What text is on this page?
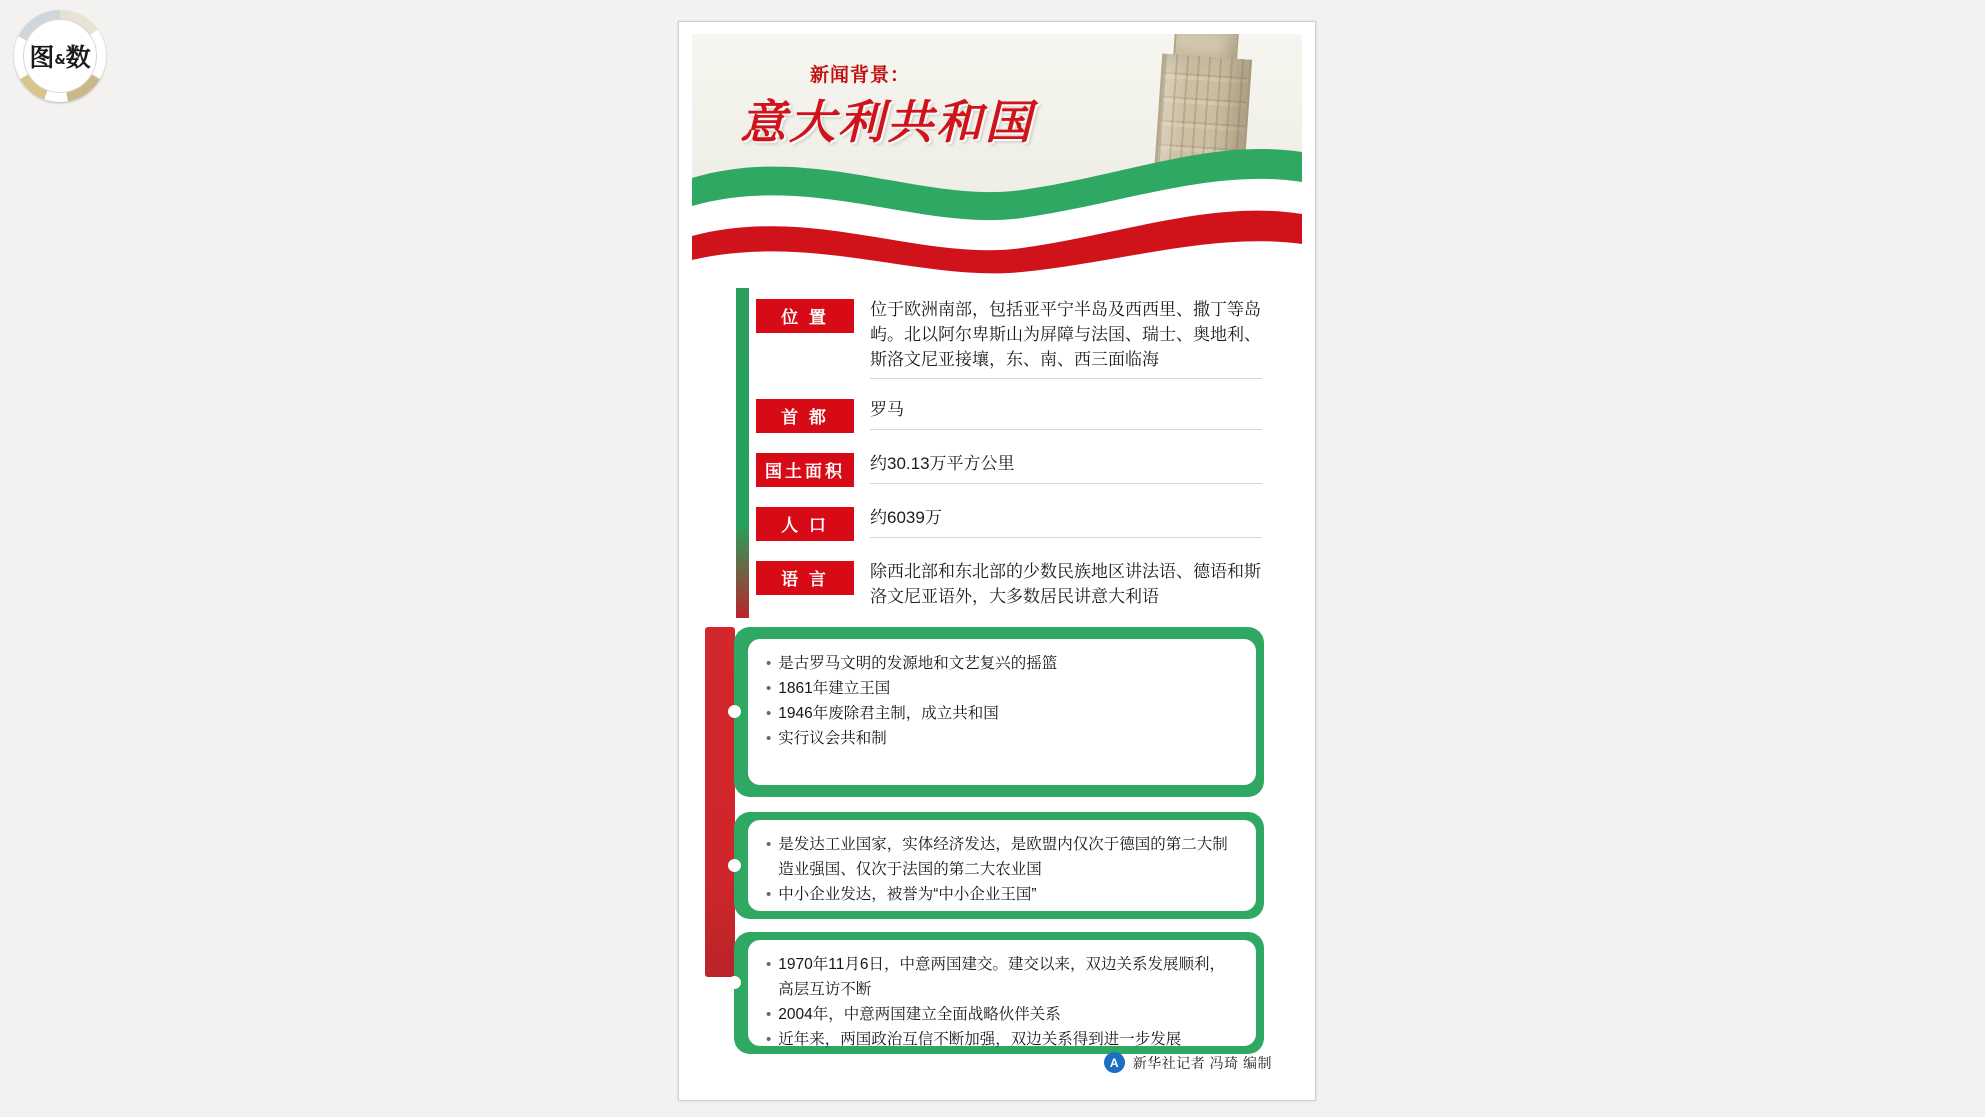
图&数
新闻背景：
意大利共和国
位 置	位于欧洲南部，包括亚平宁半岛及西西里、撒丁等岛屿。北以阿尔卑斯山为屏障与法国、瑞士、奥地利、斯洛文尼亚接壤，东、南、西三面临海
首 都	罗马
国土面积	约30.13万平方公里
人 口	约6039万
语 言	除西北部和东北部的少数民族地区讲法语、德语和斯洛文尼亚语外，大多数居民讲意大利语
• 是古罗马文明的发源地和文艺复兴的摇篮
• 1861年建立王国
• 1946年废除君主制，成立共和国
• 实行议会共和制
• 是发达工业国家，实体经济发达，是欧盟内仅次于德国的第二大制造业强国、仅次于法国的第二大农业国
• 中小企业发达，被誉为“中小企业王国”
• 1970年11月6日，中意两国建交。建交以来，双边关系发展顺利，高层互访不断
• 2004年，中意两国建立全面战略伙伴关系
• 近年来，两国政治互信不断加强，双边关系得到进一步发展
A	新华社记者 冯琦 编制
